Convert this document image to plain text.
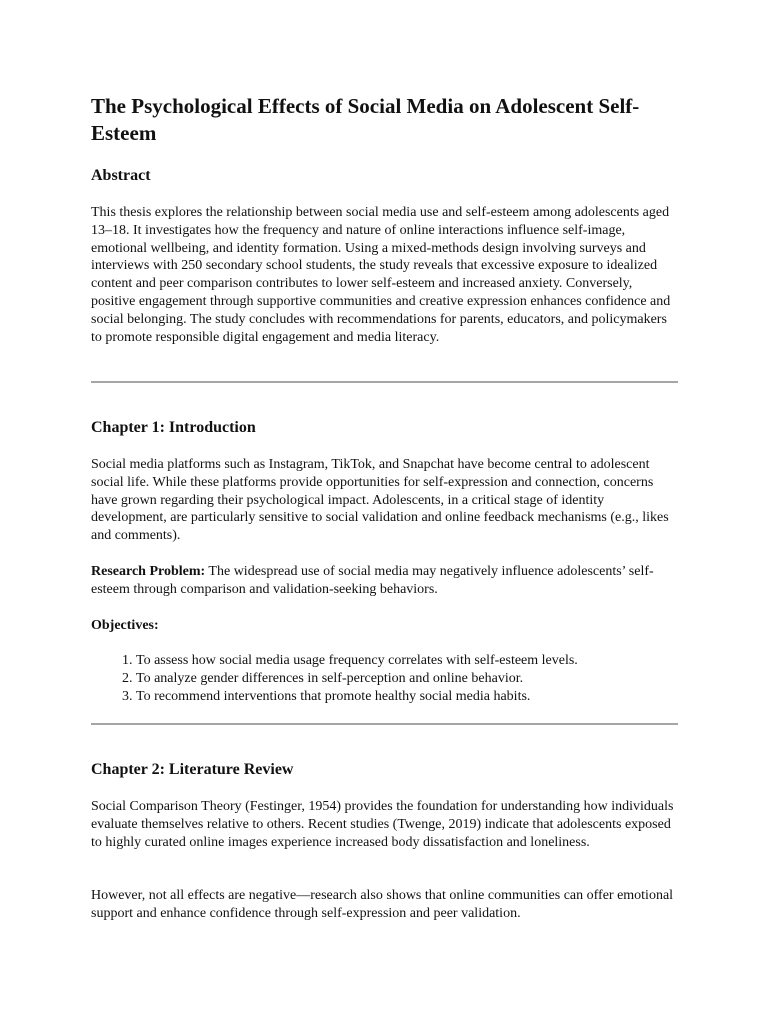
The Psychological Effects of Social Media on Adolescent Self-Esteem
Abstract

This thesis explores the relationship between social media use and self-esteem among adolescents aged 13–18. It investigates how the frequency and nature of online interactions influence self-image, emotional wellbeing, and identity formation. Using a mixed-methods design involving surveys and interviews with 250 secondary school students, the study reveals that excessive exposure to idealized content and peer comparison contributes to lower self-esteem and increased anxiety. Conversely, positive engagement through supportive communities and creative expression enhances confidence and social belonging. The study concludes with recommendations for parents, educators, and policymakers to promote responsible digital engagement and media literacy.

Chapter 1: Introduction

Social media platforms such as Instagram, TikTok, and Snapchat have become central to adolescent social life. While these platforms provide opportunities for self-expression and connection, concerns have grown regarding their psychological impact. Adolescents, in a critical stage of identity development, are particularly sensitive to social validation and online feedback mechanisms (e.g., likes and comments).

Research Problem: The widespread use of social media may negatively influence adolescents’ self-esteem through comparison and validation-seeking behaviors.

Objectives:

1. To assess how social media usage frequency correlates with self-esteem levels.
2. To analyze gender differences in self-perception and online behavior.
3. To recommend interventions that promote healthy social media habits.
Chapter 2: Literature Review

Social Comparison Theory (Festinger, 1954) provides the foundation for understanding how individuals evaluate themselves relative to others. Recent studies (Twenge, 2019) indicate that adolescents exposed to highly curated online images experience increased body dissatisfaction and loneliness.

However, not all effects are negative—research also shows that online communities can offer emotional support and enhance confidence through self-expression and peer validation.
